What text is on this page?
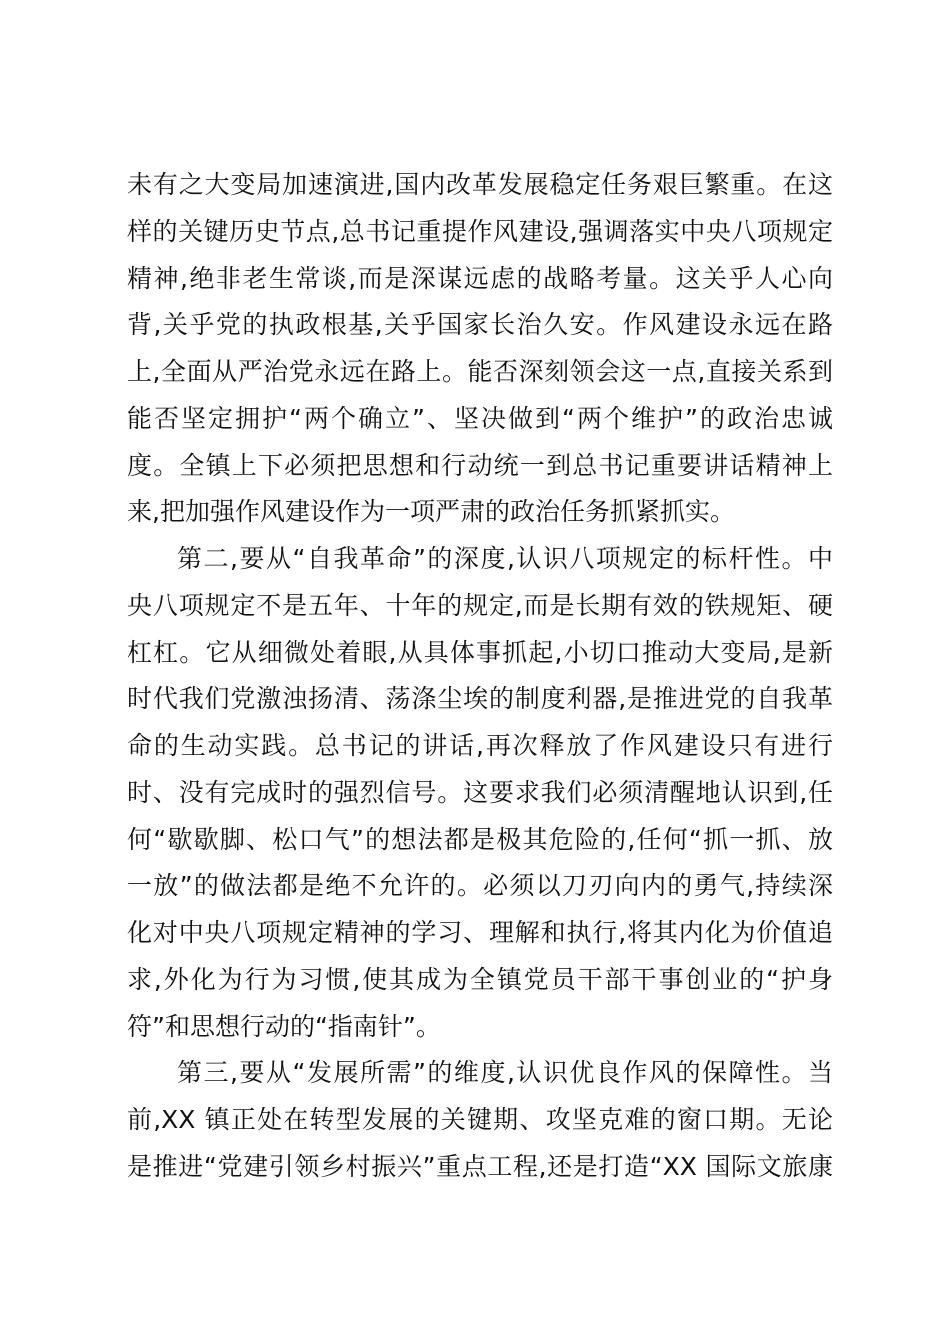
未有之大变局加速演进,国内改革发展稳定任务艰巨繁重。在这
样的关键历史节点,总书记重提作风建设,强调落实中央八项规定
精神,绝非老生常谈,而是深谋远虑的战略考量。这关乎人心向
背,关乎党的执政根基,关乎国家长治久安。作风建设永远在路
上,全面从严治党永远在路上。能否深刻领会这一点,直接关系到
能否坚定拥护“两个确立”、坚决做到“两个维护”的政治忠诚
度。全镇上下必须把思想和行动统一到总书记重要讲话精神上
来,把加强作风建设作为一项严肃的政治任务抓紧抓实。
第二,要从“自我革命”的深度,认识八项规定的标杆性。中
央八项规定不是五年、十年的规定,而是长期有效的铁规矩、硬
杠杠。它从细微处着眼,从具体事抓起,小切口推动大变局,是新
时代我们党激浊扬清、荡涤尘埃的制度利器,是推进党的自我革
命的生动实践。总书记的讲话,再次释放了作风建设只有进行
时、没有完成时的强烈信号。这要求我们必须清醒地认识到,任
何“歇歇脚、松口气”的想法都是极其危险的,任何“抓一抓、放
一放”的做法都是绝不允许的。必须以刀刃向内的勇气,持续深
化对中央八项规定精神的学习、理解和执行,将其内化为价值追
求,外化为行为习惯,使其成为全镇党员干部干事创业的“护身
符”和思想行动的“指南针”。
第三,要从“发展所需”的维度,认识优良作风的保障性。当
前,XX 镇正处在转型发展的关键期、攻坚克难的窗口期。无论
是推进“党建引领乡村振兴”重点工程,还是打造“XX 国际文旅康
